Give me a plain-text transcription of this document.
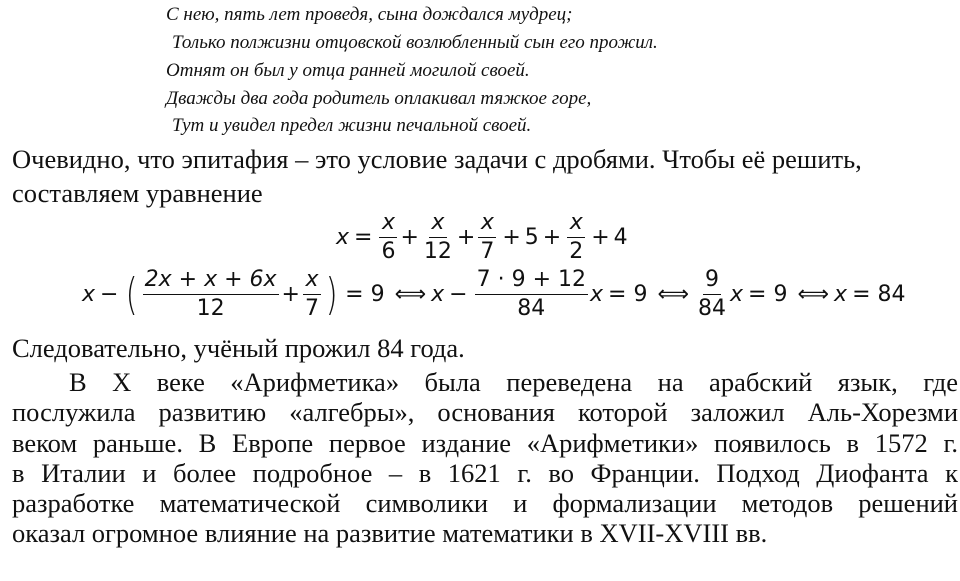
С нею, пять лет проведя, сына дождался мудрец;
Только полжизни отцовской возлюбленный сын его прожил.
Отнят он был у отца ранней могилой своей.
Дважды два года родитель оплакивал тяжкое горе,
Тут и увидел предел жизни печальной своей.
Очевидно, что эпитафия – это условие задачи с дробями. Чтобы её решить,
составляем уравнение
$x = \frac{x}{6} + \frac{x}{12} + \frac{x}{7} + 5 + \frac{x}{2} + 4$
x − ( $\frac{2x + x + 6x}{12} + \frac{x}{7}$ ) = 9 ⟺ $x - \frac{7 \cdot 9 + 12}{84}$ x = 9 ⟺ $\frac{9}{84}$ x = 9 ⟺ x = 84
Следовательно, учёный прожил 84 года.
В X веке «Арифметика» была переведена на арабский язык, где
послужила развитию «алгебры», основания которой заложил Аль-Хорезми
веком раньше. В Европе первое издание «Арифметики» появилось в 1572 г.
в Италии и более подробное – в 1621 г. во Франции. Подход Диофанта к
разработке математической символики и формализации методов решений
оказал огромное влияние на развитие математики в XVII-XVIII вв.
